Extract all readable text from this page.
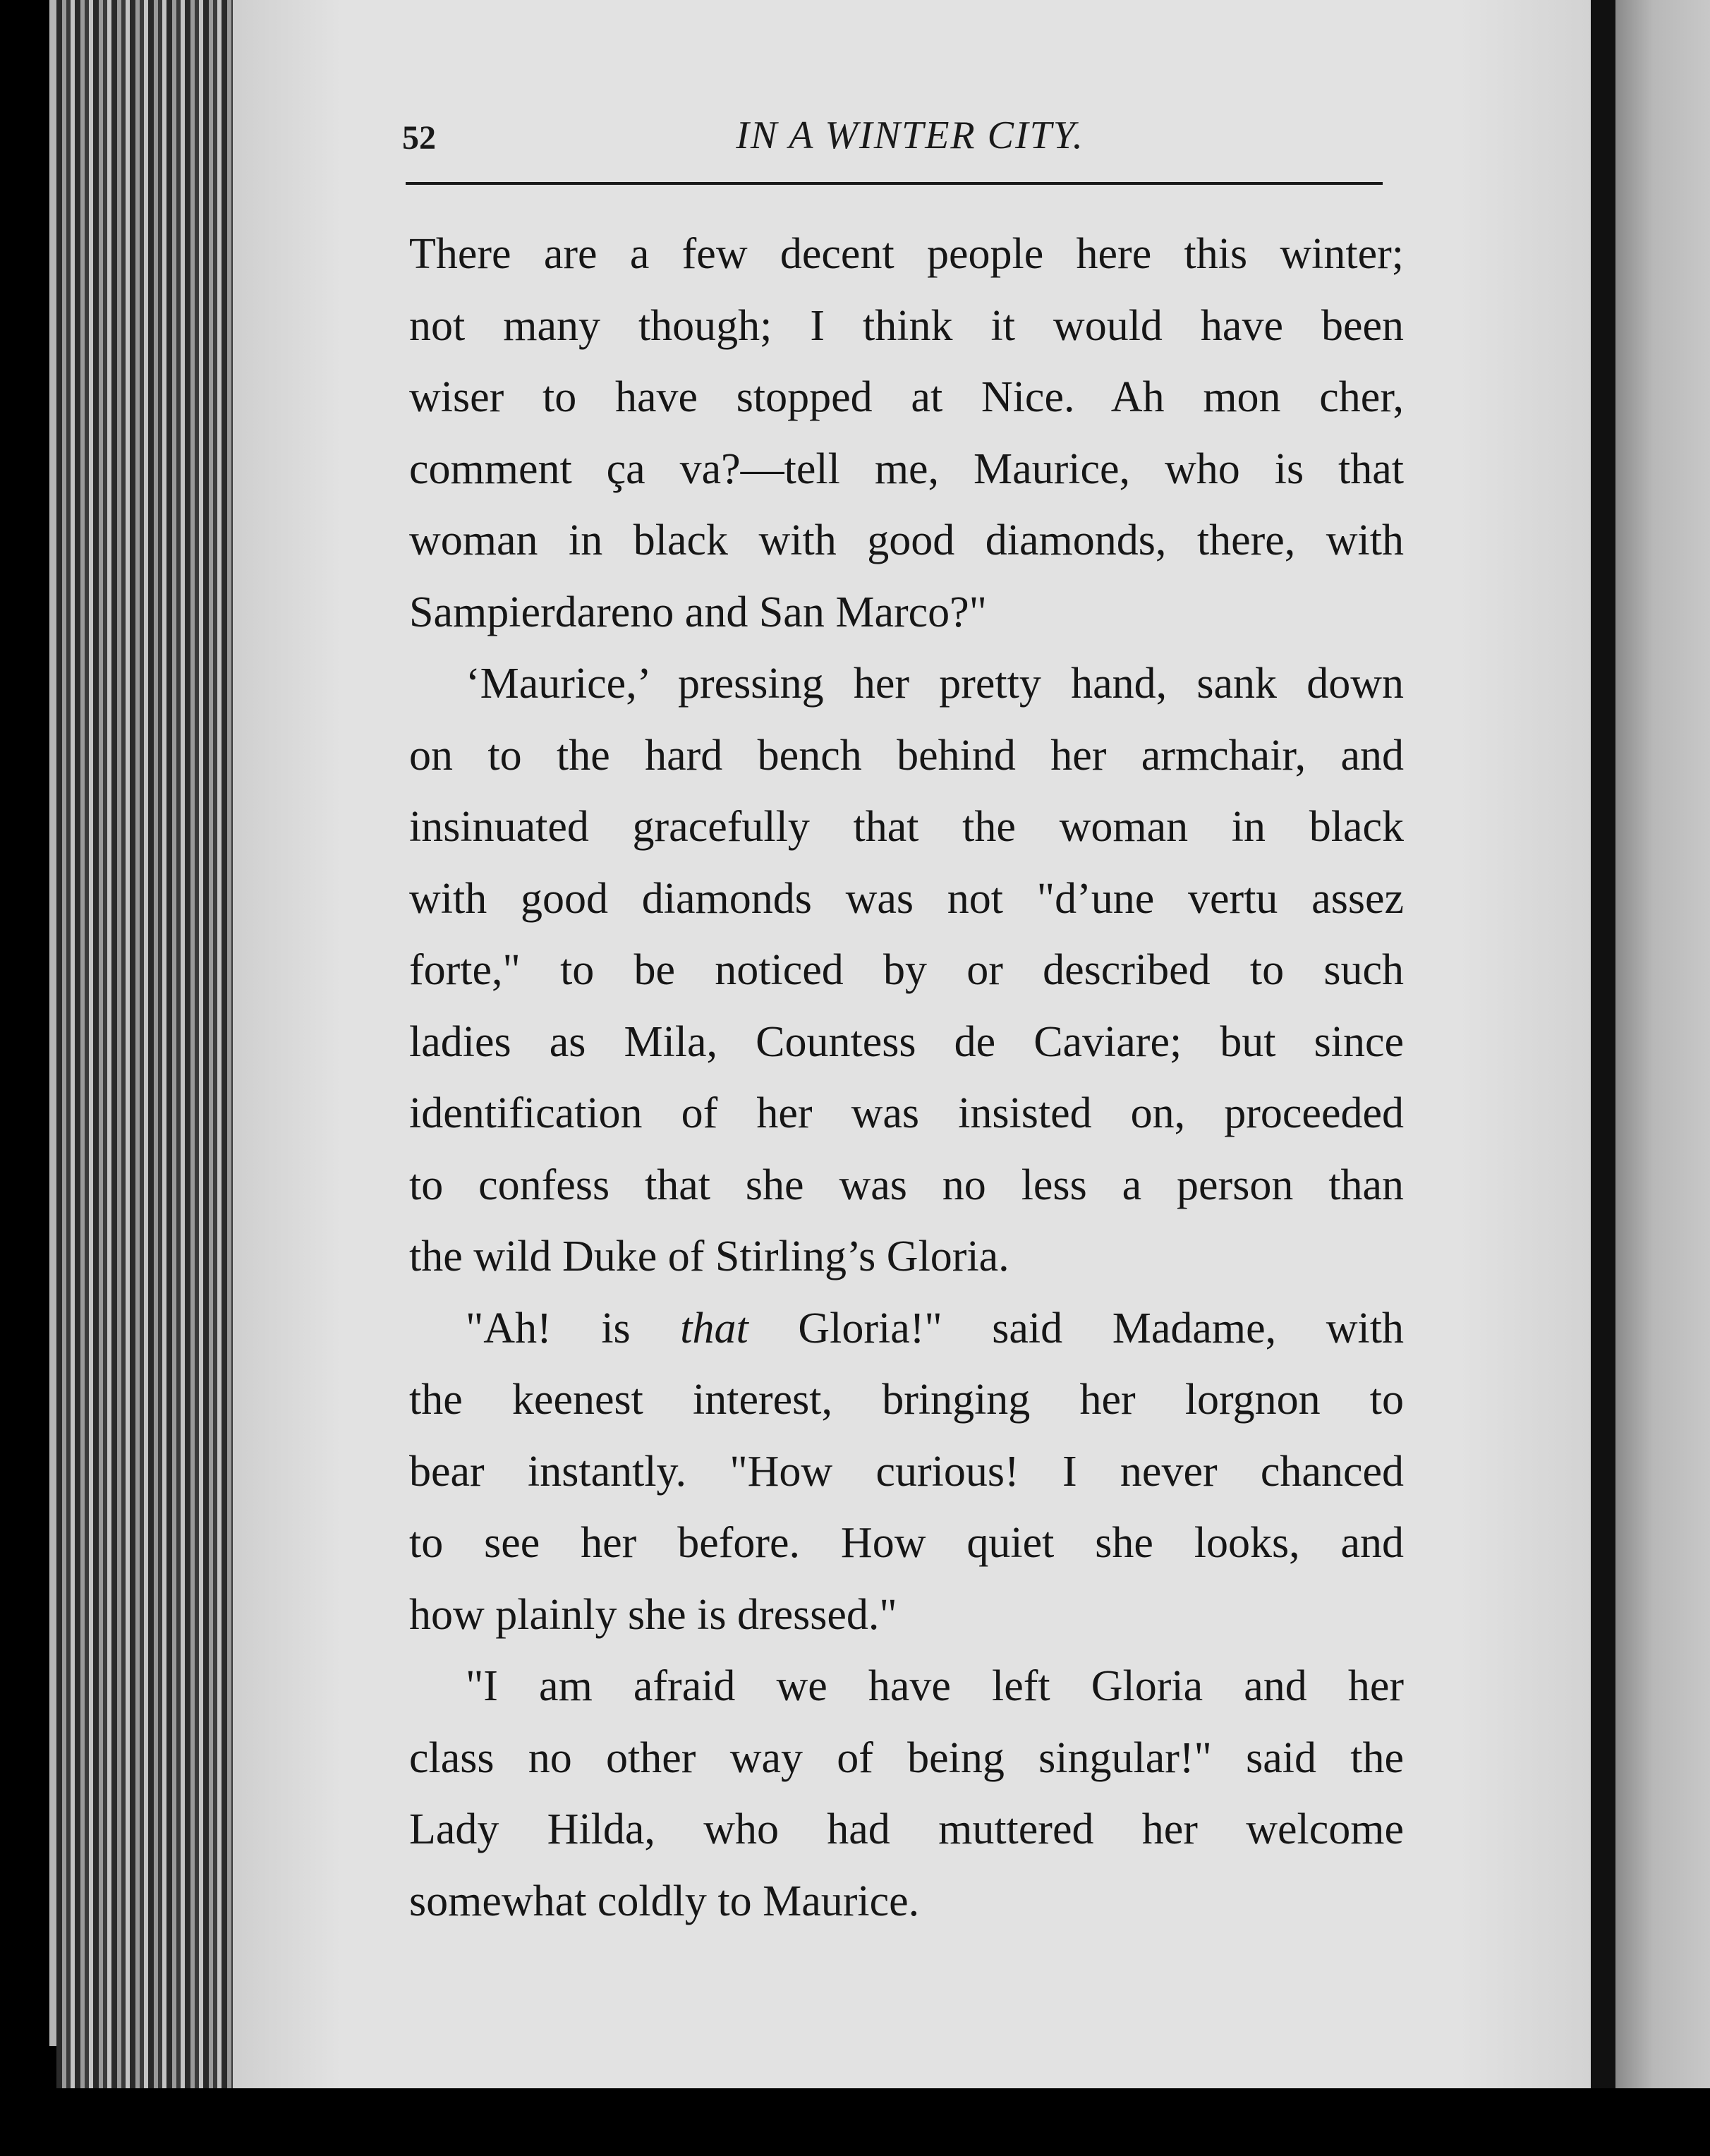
52	IN A WINTER CITY.
There are a few decent people here this winter;
not many though; I think it would have been
wiser to have stopped at Nice. Ah mon cher,
comment ça va?—tell me, Maurice, who is that
woman in black with good diamonds, there, with
Sampierdareno and San Marco?"
‘Maurice,’ pressing her pretty hand, sank down
on to the hard bench behind her armchair, and
insinuated gracefully that the woman in black
with good diamonds was not "d’une vertu assez
forte," to be noticed by or described to such
ladies as Mila, Countess de Caviare; but since
identification of her was insisted on, proceeded
to confess that she was no less a person than
the wild Duke of Stirling’s Gloria.
"Ah! is that Gloria!" said Madame, with
the keenest interest, bringing her lorgnon to
bear instantly. "How curious! I never chanced
to see her before. How quiet she looks, and
how plainly she is dressed."
"I am afraid we have left Gloria and her
class no other way of being singular!" said the
Lady Hilda, who had muttered her welcome
somewhat coldly to Maurice.
